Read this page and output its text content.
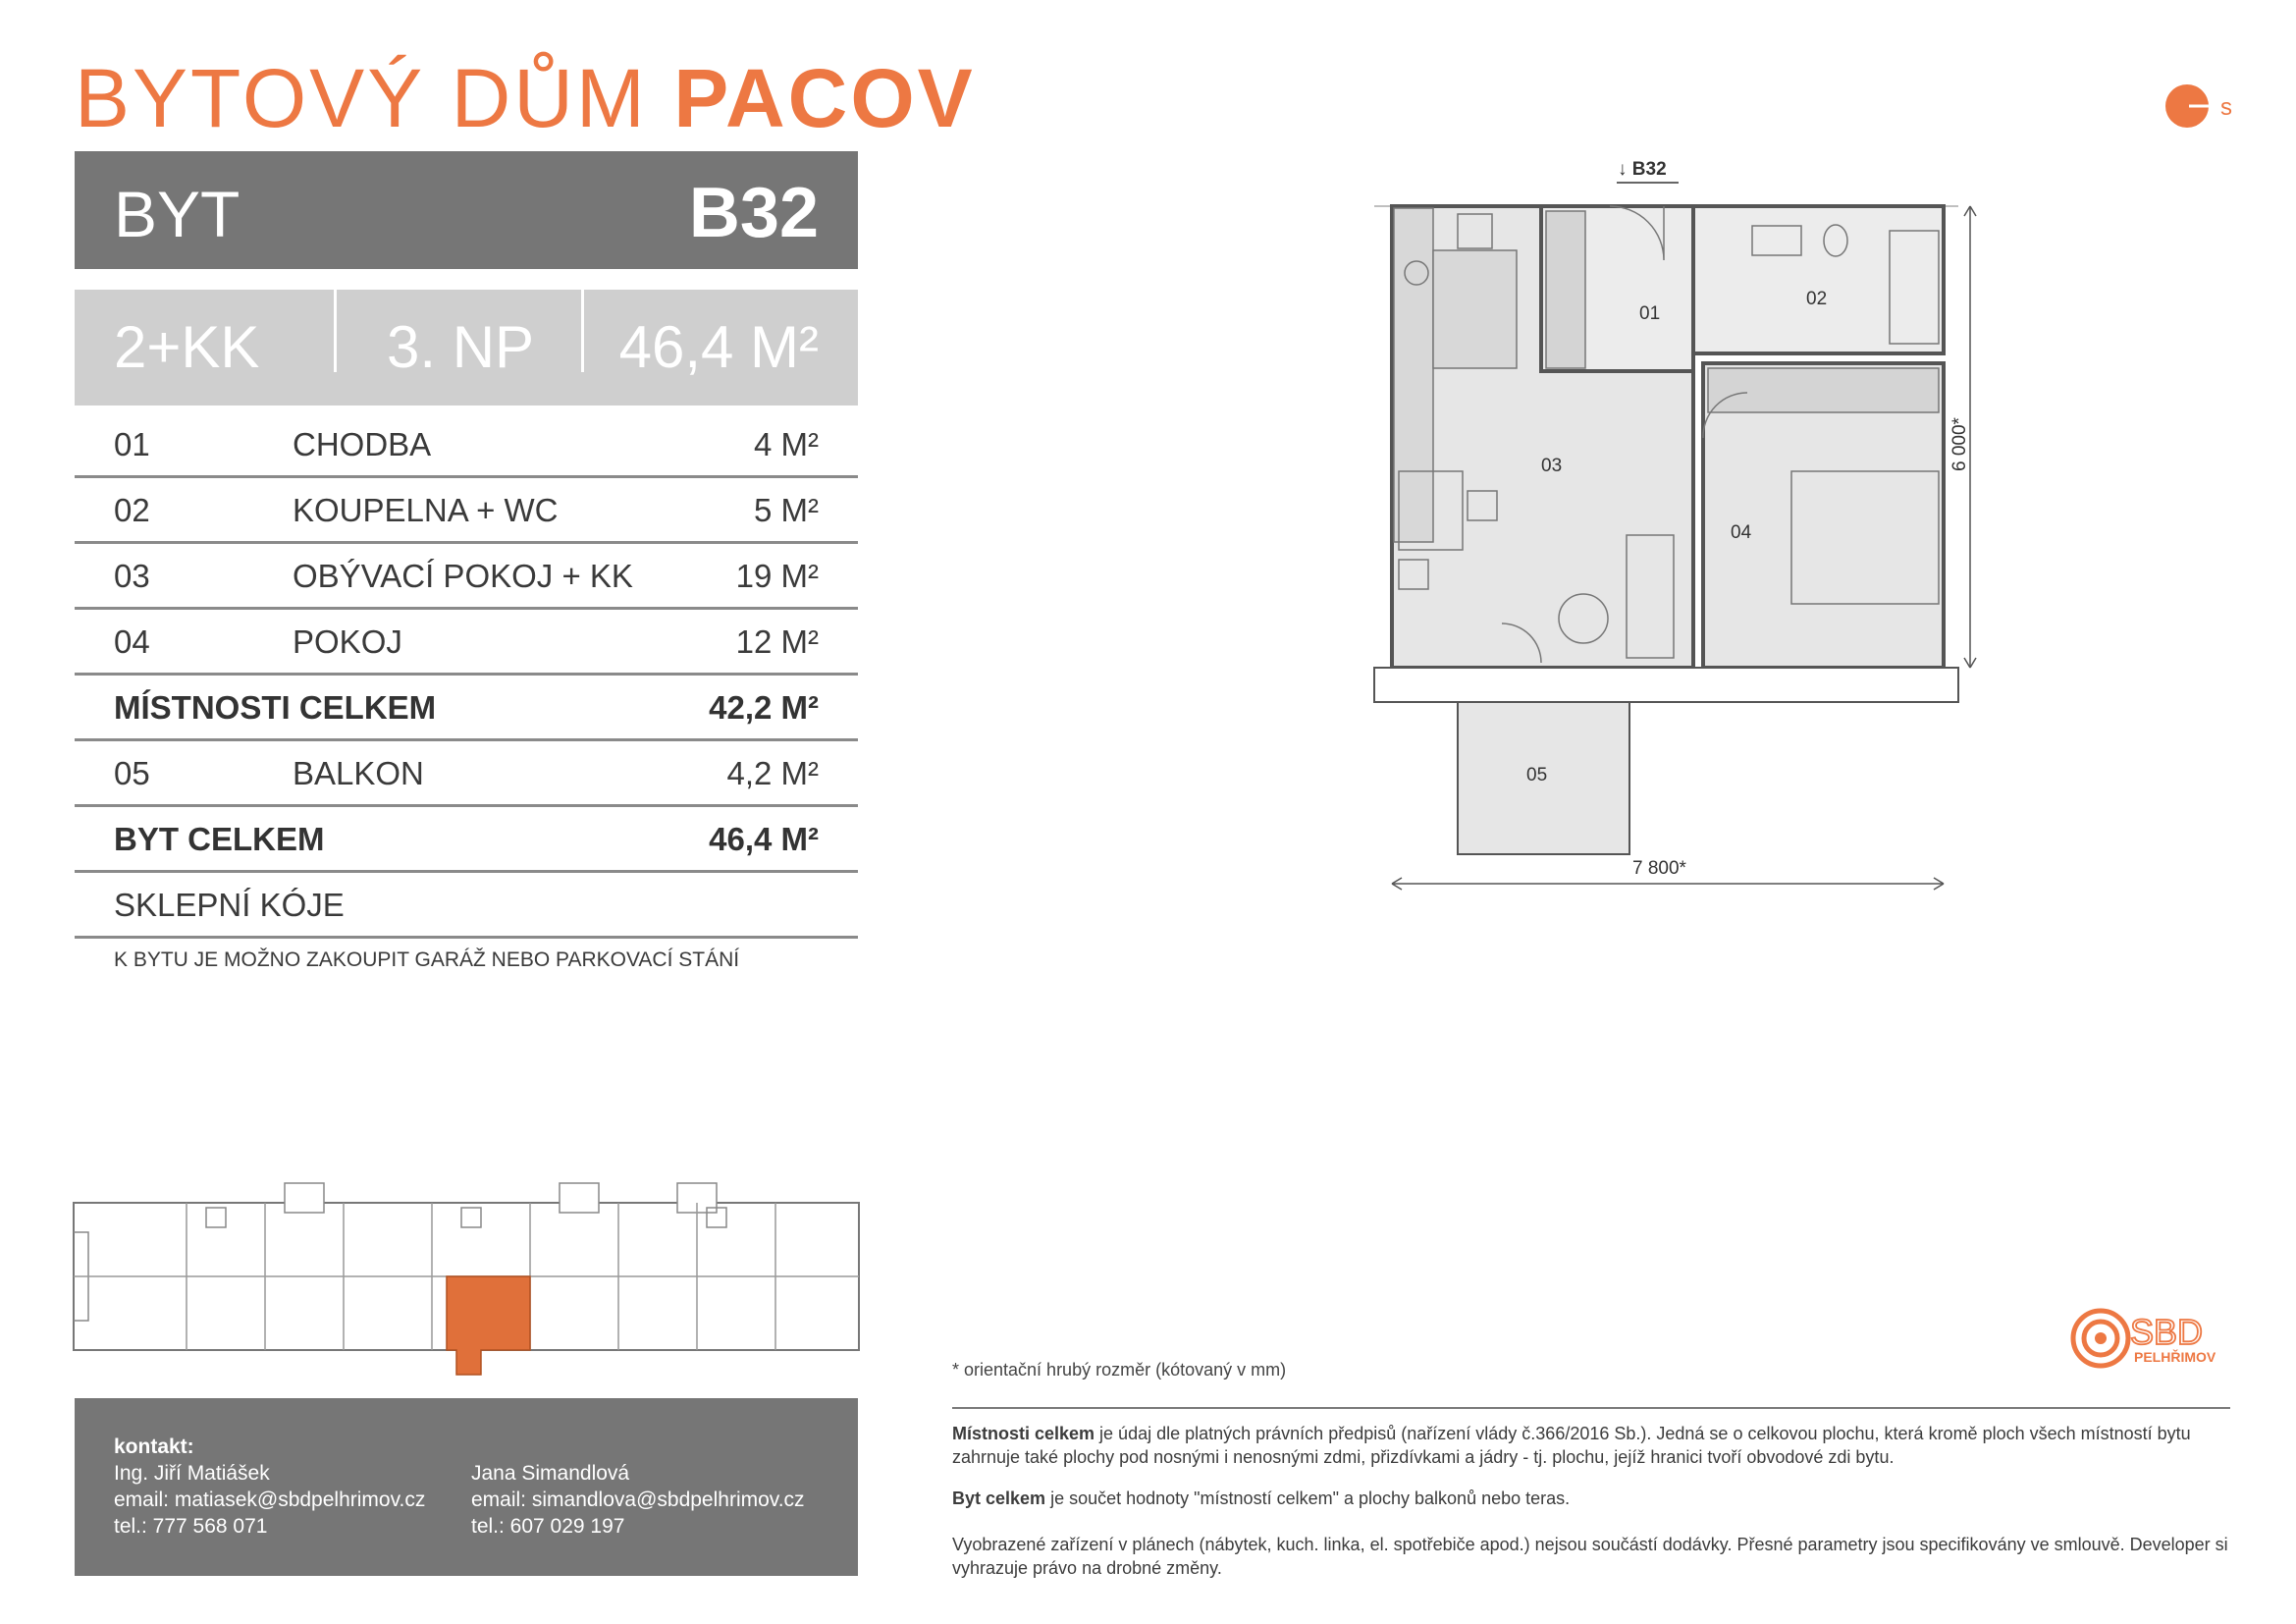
BYTOVÝ DŮM PACOV	s
BYT	B32
2+KK 3. NP 46,4 M²
01	CHODBA	4 M²
02	KOUPELNA + WC	5 M²
03	OBÝVACÍ POKOJ + KK	19 M²
04	POKOJ	12 M²
MÍSTNOSTI CELKEM	42,2 M²
05	BALKON	4,2 M²
BYT CELKEM	46,4 M²
SKLEPNÍ KÓJE
K BYTU JE MOŽNO ZAKOUPIT GARÁŽ NEBO PARKOVACÍ STÁNÍ
↓ B32
01
02
03
04
05
7 800*
6 000*
kontakt:
Ing. Jiří Matiášek
email: matiasek@sbdpelhrimov.cz
tel.: 777 568 071
Jana Simandlová
email: simandlova@sbdpelhrimov.cz
tel.: 607 029 197
SBD
PELHŘIMOV
* orientační hrubý rozměr (kótovaný v mm)
Místnosti celkem je údaj dle platných právních předpisů (nařízení vlády č.366/2016 Sb.). Jedná se o celkovou plochu, která kromě ploch všech místností bytu zahrnuje také plochy pod nosnými i nenosnými zdmi, přizdívkami a jádry - tj. plochu, jejíž hranici tvoří obvodové zdi bytu.
Byt celkem je součet hodnoty "místností celkem" a plochy balkonů nebo teras.
Vyobrazené zařízení v plánech (nábytek, kuch. linka, el. spotřebiče apod.) nejsou součástí dodávky. Přesné parametry jsou specifikovány ve smlouvě. Developer si vyhrazuje právo na drobné změny.
